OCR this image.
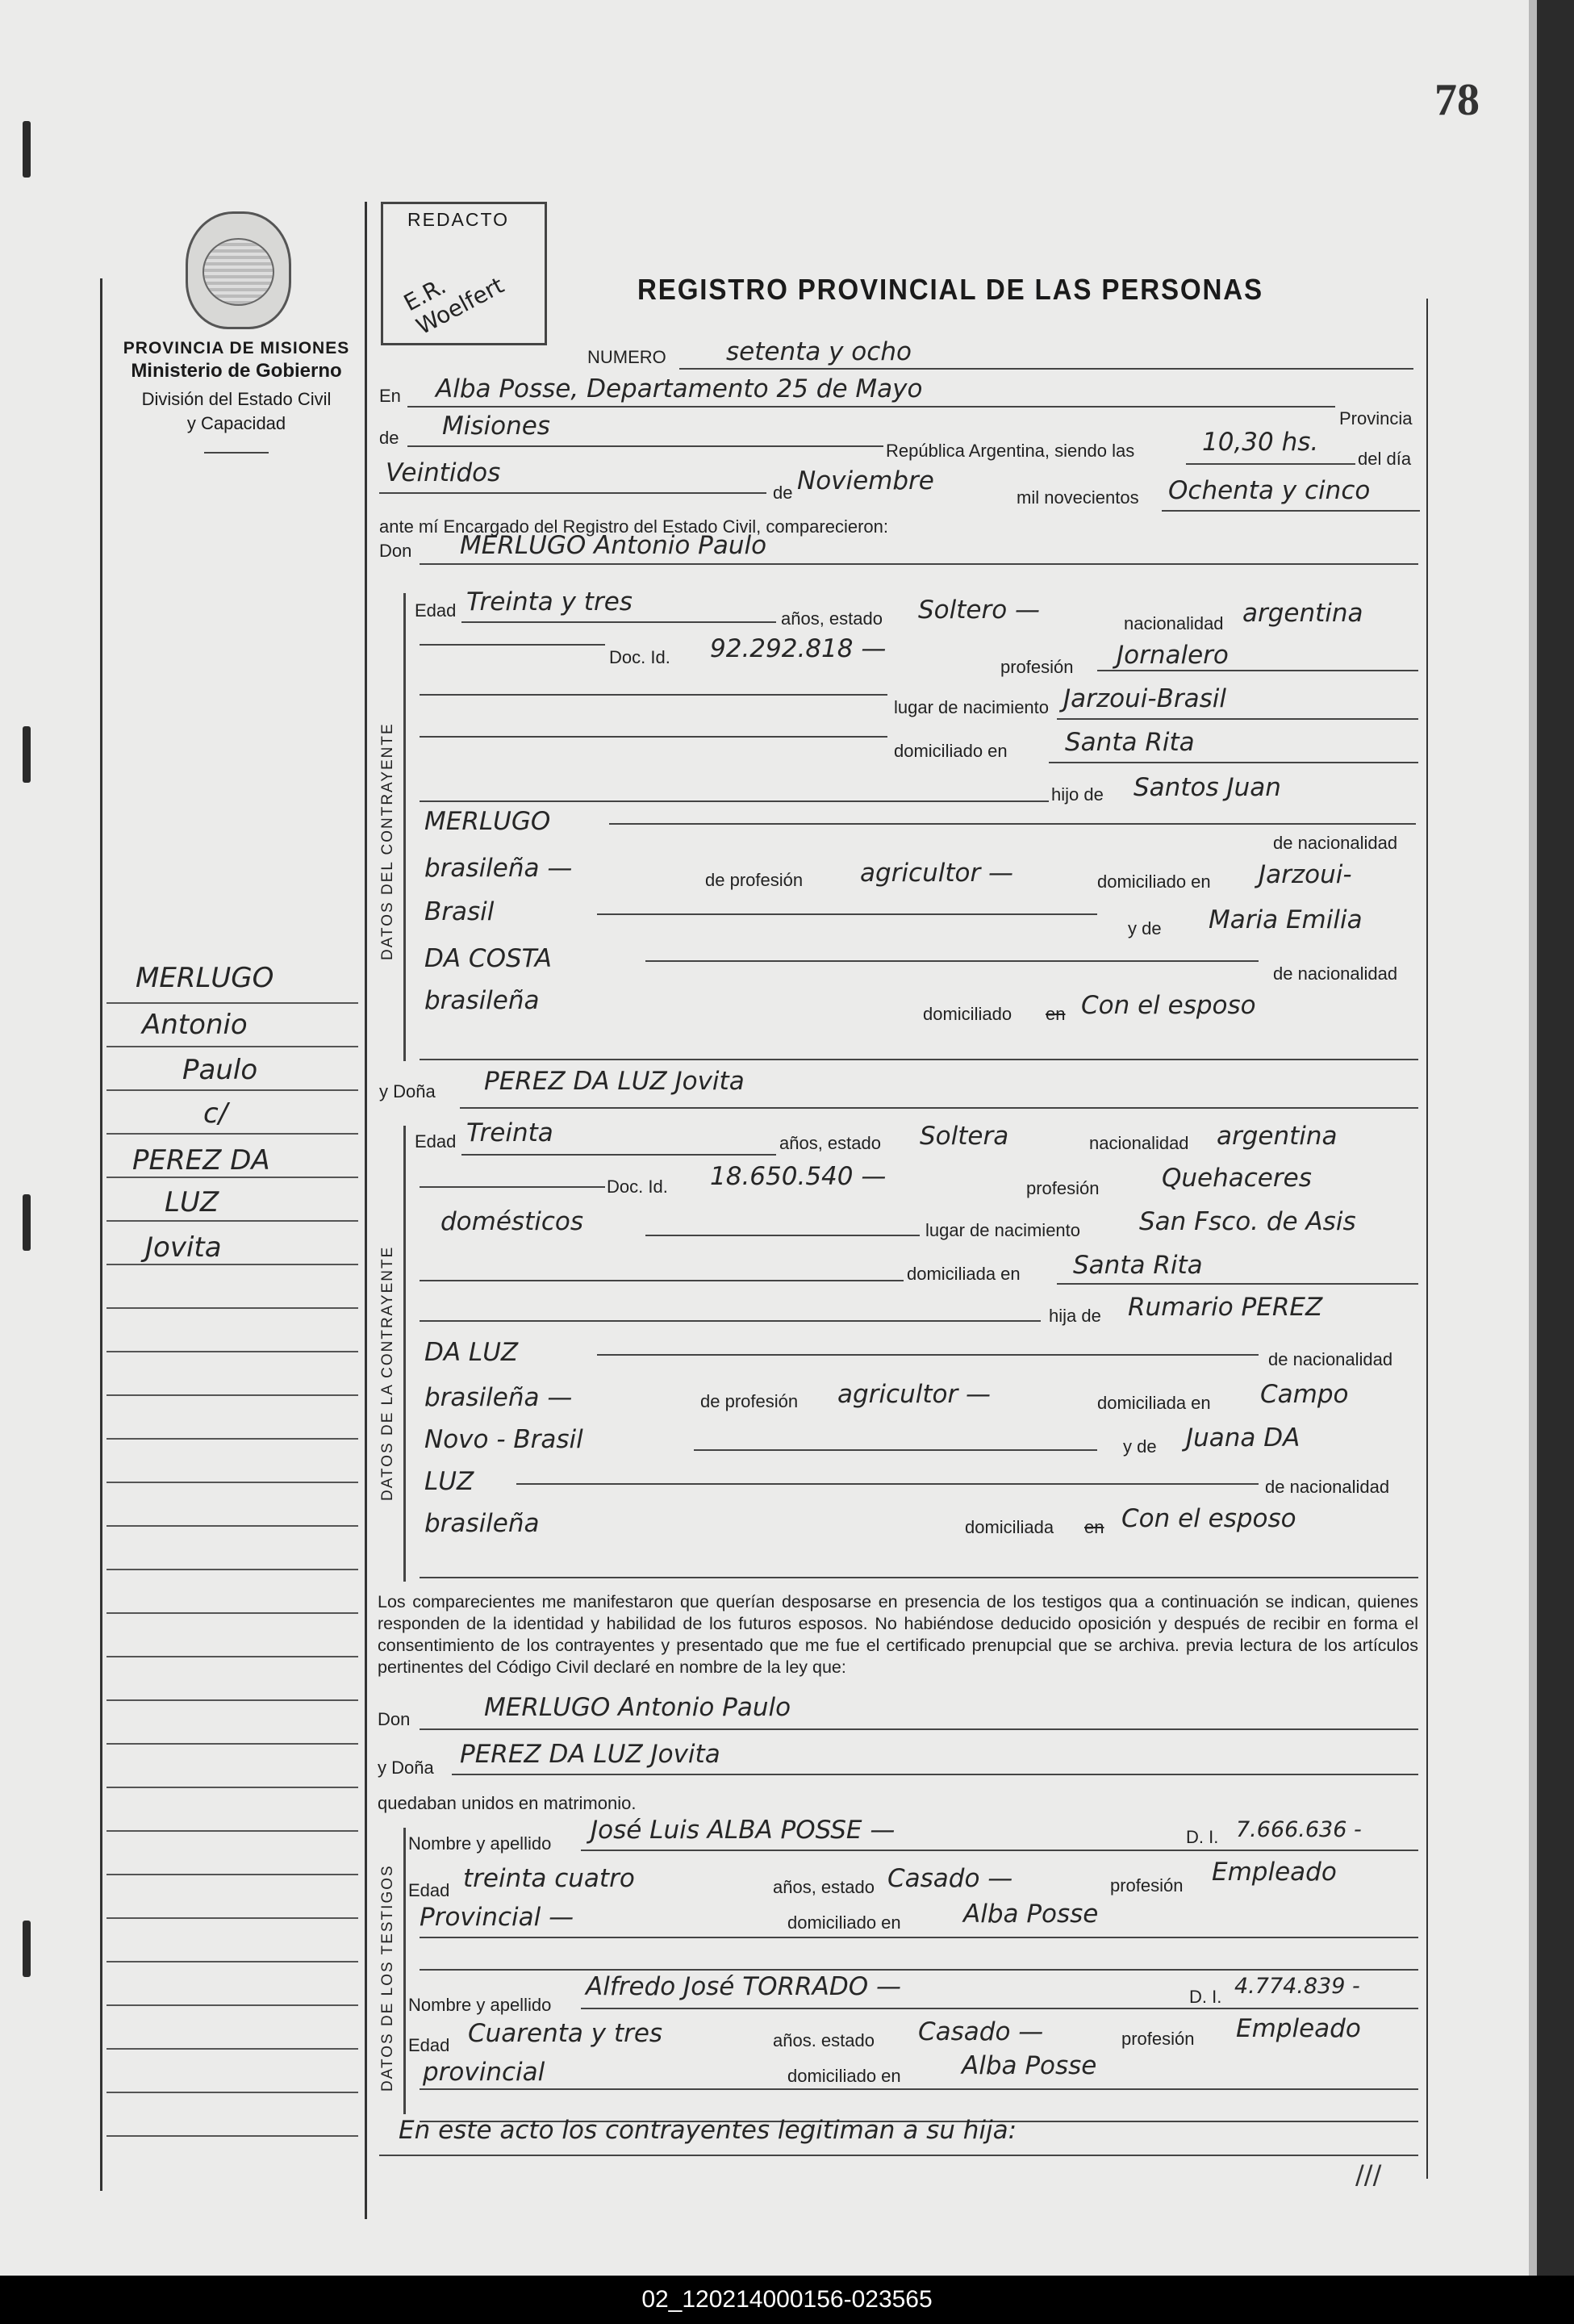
78
PROVINCIA DE MISIONES
Ministerio de Gobierno
División del Estado Civil
y Capacidad
REDACTO
E.R. Woelfert	REGISTRO PROVINCIAL DE LAS PERSONAS
DATOS DEL CONTRAYENTE
DATOS DE LA CONTRAYENTE
DATOS DE LOS TESTIGOS
NUMERO setenta y ocho
En Alba Posse, Departamento 25 de Mayo
Provincia
de Misiones
República Argentina, siendo las	10,30 hs.
del día
Veintidos
de Noviembre
mil novecientos Ochenta y cinco
ante mí Encargado del Registro del Estado Civil, comparecieron:
Don MERLUGO Antonio Paulo
Edad Treinta y tres
años, estado Soltero —	nacionalidad argentina
Doc. Id. 92.292.818 —
profesión Jornalero
lugar de nacimiento Jarzoui-Brasil
domiciliado en Santa Rita
hijo de Santos Juan
MERLUGO
de nacionalidad
brasileña —	de profesión agricultor —	domiciliado en Jarzoui-
Brasil
y de Maria Emilia
DA COSTA
de nacionalidad
brasileña	domiciliado en Con el esposo
y Doña PEREZ DA LUZ Jovita
Edad Treinta	años, estado Soltera	nacionalidad argentina
Doc. Id. 18.650.540 —	profesión Quehaceres
domésticos	lugar de nacimiento San Fsco. de Asis
domiciliada en Santa Rita
hija de Rumario PEREZ
DA LUZ	de nacionalidad
brasileña —	de profesión agricultor —	domiciliada en Campo
Novo - Brasil	y de Juana DA
LUZ	de nacionalidad
brasileña	domiciliada en Con el esposo
Los comparecientes me manifestaron que querían desposarse en presencia de los testigos qua a continuación se indican, quienes responden de la identidad y habilidad de los futuros esposos. No habiéndose deducido oposición y después de recibir en forma el consentimiento de los contrayentes y presentado que me fue el certificado prenupcial que se archiva. previa lectura de los artículos pertinentes del Código Civil declaré en nombre de la ley que:
Don	MERLUGO Antonio Paulo
y Doña PEREZ DA LUZ Jovita
quedaban unidos en matrimonio.
Nombre y apellido José Luis ALBA POSSE —	D. I. 7.666.636 -
Edad treinta cuatro	años, estado Casado —	profesión Empleado
Provincial —	domiciliado en Alba Posse
Nombre y apellido
Alfredo José TORRADO —	D. I. 4.774.839 -
Edad Cuarenta y tres	años. estado Casado —	profesión Empleado
provincial	domiciliado en Alba Posse
En este acto los contrayentes legitiman a su hija:
///
MERLUGO
Antonio
Paulo
c/
PEREZ DA
LUZ
Jovita
02_120214000156-023565
